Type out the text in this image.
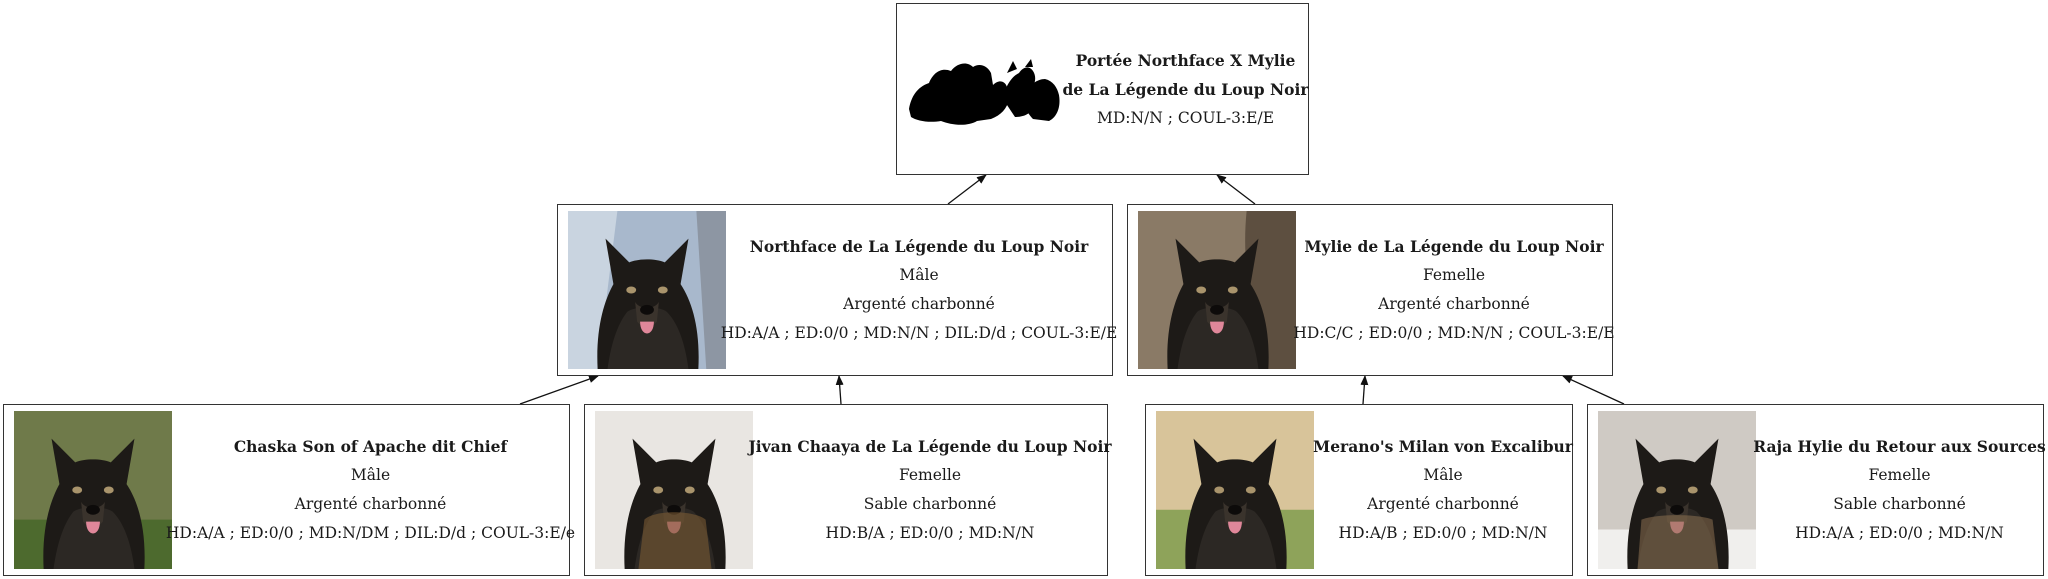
Portée Northface X Mylie
de La Légende du Loup Noir
MD:N/N ; COUL-3:E/E
Northface de La Légende du Loup Noir
Mâle
Argenté charbonné
HD:A/A ; ED:0/0 ; MD:N/N ; DIL:D/d ; COUL-3:E/E
Mylie de La Légende du Loup Noir
Femelle
Argenté charbonné
HD:C/C ; ED:0/0 ; MD:N/N ; COUL-3:E/E
Chaska Son of Apache dit Chief
Mâle
Argenté charbonné
HD:A/A ; ED:0/0 ; MD:N/DM ; DIL:D/d ; COUL-3:E/e
Jivan Chaaya de La Légende du Loup Noir
Femelle
Sable charbonné
HD:B/A ; ED:0/0 ; MD:N/N
Merano's Milan von Excalibur
Mâle
Argenté charbonné
HD:A/B ; ED:0/0 ; MD:N/N
Raja Hylie du Retour aux Sources
Femelle
Sable charbonné
HD:A/A ; ED:0/0 ; MD:N/N
